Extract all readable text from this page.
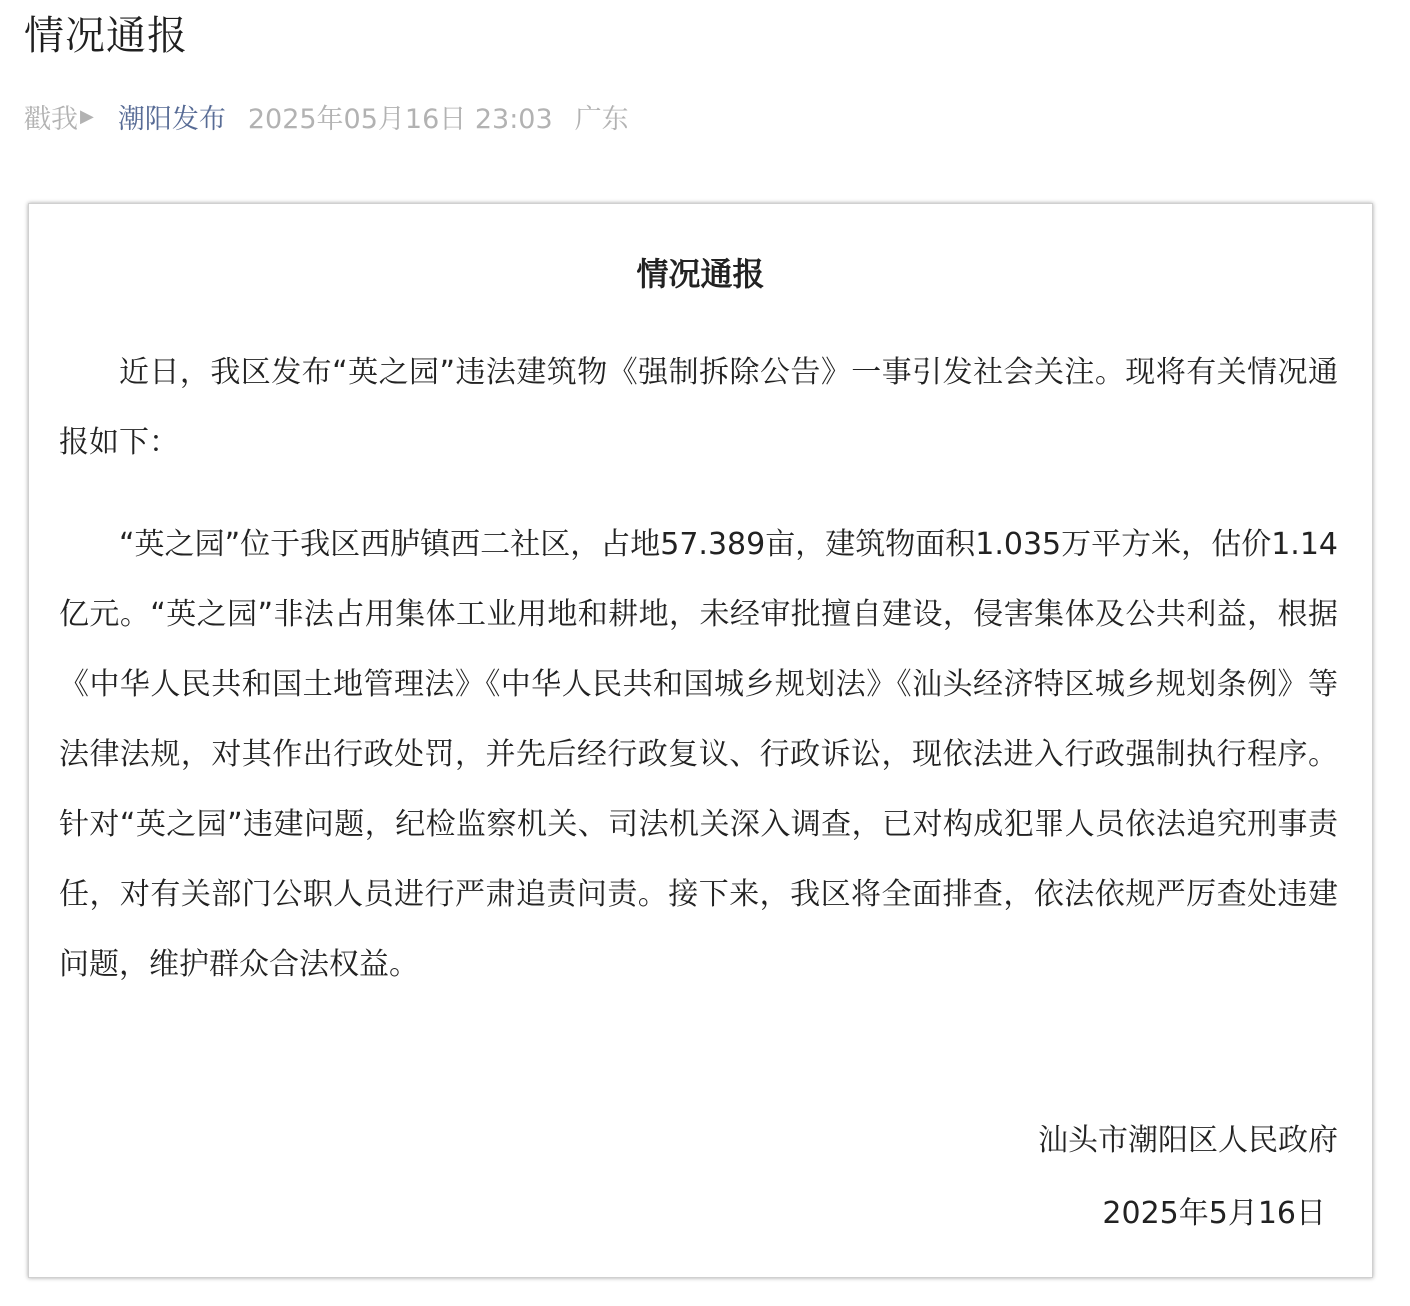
情况通报
戳我 ▶ 潮阳发布 2025年05月16日 23:03 广东
情况通报

近日，我区发布“英之园”违法建筑物《强制拆除公告》一事引发社会关注。现将有关情况通报如下：

“英之园”位于我区西胪镇西二社区，占地57.389亩，建筑物面积1.035万平方米，估价1.14亿元。“英之园”非法占用集体工业用地和耕地，未经审批擅自建设，侵害集体及公共利益，根据《中华人民共和国土地管理法》《中华人民共和国城乡规划法》《汕头经济特区城乡规划条例》等法律法规，对其作出行政处罚，并先后经行政复议、行政诉讼，现依法进入行政强制执行程序。针对“英之园”违建问题，纪检监察机关、司法机关深入调查，已对构成犯罪人员依法追究刑事责任，对有关部门公职人员进行严肃追责问责。接下来，我区将全面排查，依法依规严厉查处违建问题，维护群众合法权益。

汕头市潮阳区人民政府
2025年5月16日
